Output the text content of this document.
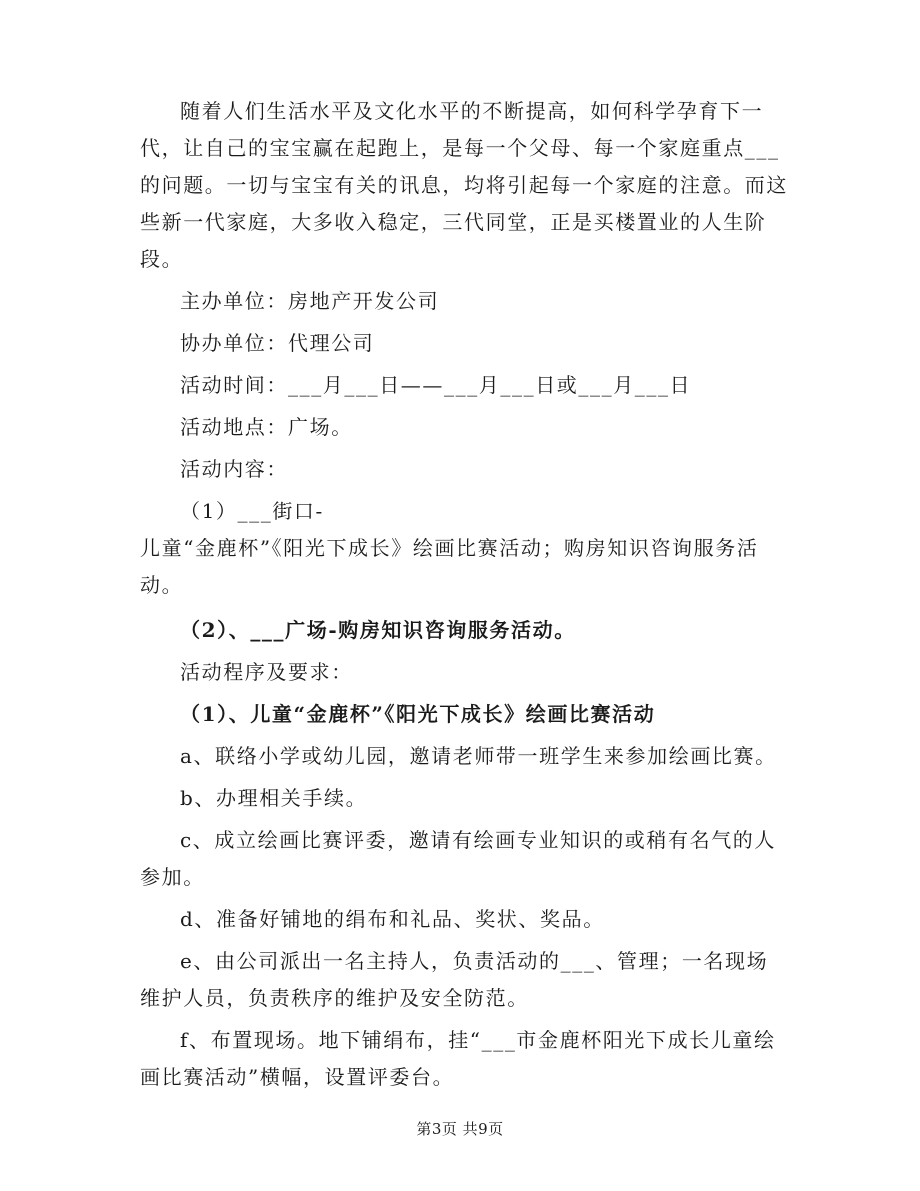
随着人们生活水平及文化水平的不断提高，如何科学孕育下一代，让自己的宝宝赢在起跑上，是每一个父母、每一个家庭重点___的问题。一切与宝宝有关的讯息，均将引起每一个家庭的注意。而这些新一代家庭，大多收入稳定，三代同堂，正是买楼置业的人生阶段。

主办单位：房地产开发公司

协办单位：代理公司

活动时间：___月___日——___月___日或___月___日

活动地点：广场。

活动内容：

（1）___街口-

儿童“金鹿杯”《阳光下成长》绘画比赛活动；购房知识咨询服务活动。

（2）、___广场-购房知识咨询服务活动。

活动程序及要求：

（1）、儿童“金鹿杯”《阳光下成长》绘画比赛活动

a、联络小学或幼儿园，邀请老师带一班学生来参加绘画比赛。

b、办理相关手续。

c、成立绘画比赛评委，邀请有绘画专业知识的或稍有名气的人参加。

d、准备好铺地的绢布和礼品、奖状、奖品。

e、由公司派出一名主持人，负责活动的___、管理；一名现场维护人员，负责秩序的维护及安全防范。

f、布置现场。地下铺绢布，挂“___市金鹿杯阳光下成长儿童绘画比赛活动”横幅，设置评委台。

第3页 共9页
